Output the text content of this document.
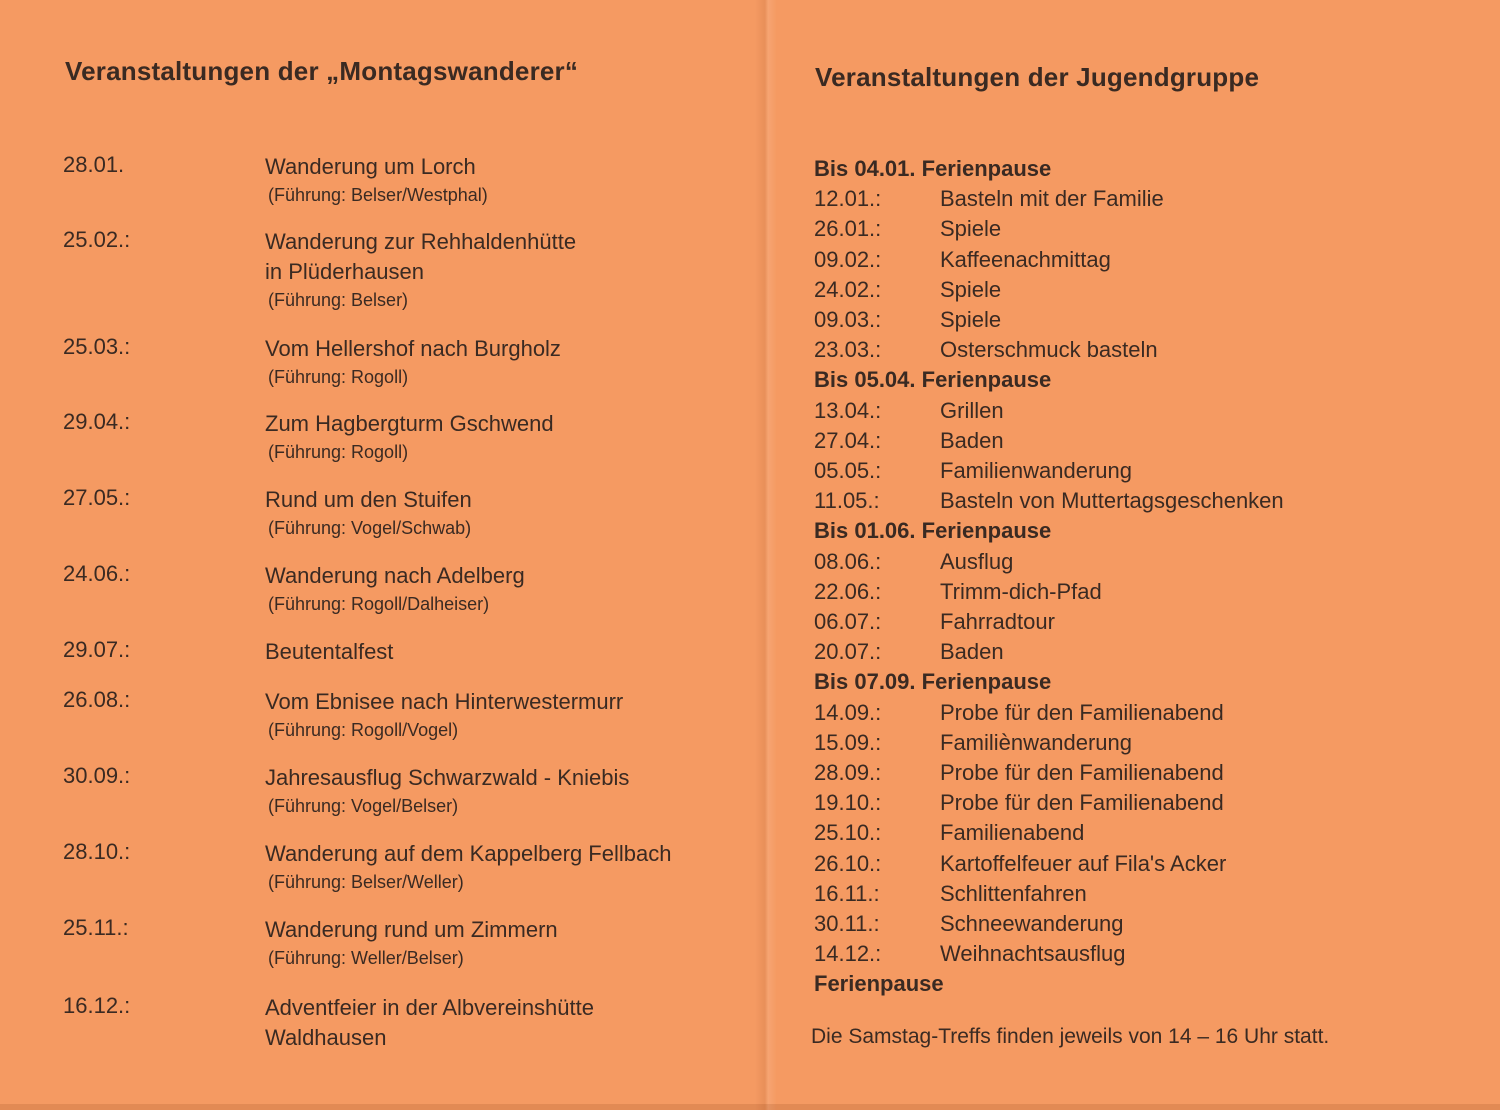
Veranstaltungen der „Montagswanderer“
28.01.	Wanderung um Lorch
(Führung: Belser/Westphal)
25.02.:	Wanderung zur Rehhaldenhütte
in Plüderhausen
(Führung: Belser)
25.03.:	Vom Hellershof nach Burgholz
(Führung: Rogoll)
29.04.:	Zum Hagbergturm Gschwend
(Führung: Rogoll)
27.05.:	Rund um den Stuifen
(Führung: Vogel/Schwab)
24.06.:	Wanderung nach Adelberg
(Führung: Rogoll/Dalheiser)
29.07.:	Beutentalfest
26.08.:	Vom Ebnisee nach Hinterwestermurr
(Führung: Rogoll/Vogel)
30.09.:	Jahresausflug Schwarzwald - Kniebis
(Führung: Vogel/Belser)
28.10.:	Wanderung auf dem Kappelberg Fellbach
(Führung: Belser/Weller)
25.11.:	Wanderung rund um Zimmern
(Führung: Weller/Belser)
16.12.:	Adventfeier in der Albvereinshütte
Waldhausen
Veranstaltungen der Jugendgruppe
Bis 04.01. Ferienpause
12.01.:	Basteln mit der Familie
26.01.:	Spiele
09.02.:	Kaffeenachmittag
24.02.:	Spiele
09.03.:	Spiele
23.03.:	Osterschmuck basteln
Bis 05.04. Ferienpause
13.04.:	Grillen
27.04.:	Baden
05.05.:	Familienwanderung
11.05.:	Basteln von Muttertagsgeschenken
Bis 01.06. Ferienpause
08.06.:	Ausflug
22.06.:	Trimm-dich-Pfad
06.07.:	Fahrradtour
20.07.:	Baden
Bis 07.09. Ferienpause
14.09.:	Probe für den Familienabend
15.09.:	Familiènwanderung
28.09.:	Probe für den Familienabend
19.10.:	Probe für den Familienabend
25.10.:	Familienabend
26.10.:	Kartoffelfeuer auf Fila's Acker
16.11.:	Schlittenfahren
30.11.:	Schneewanderung
14.12.:	Weihnachtsausflug
Ferienpause
Die Samstag-Treffs finden jeweils von 14 – 16 Uhr statt.
